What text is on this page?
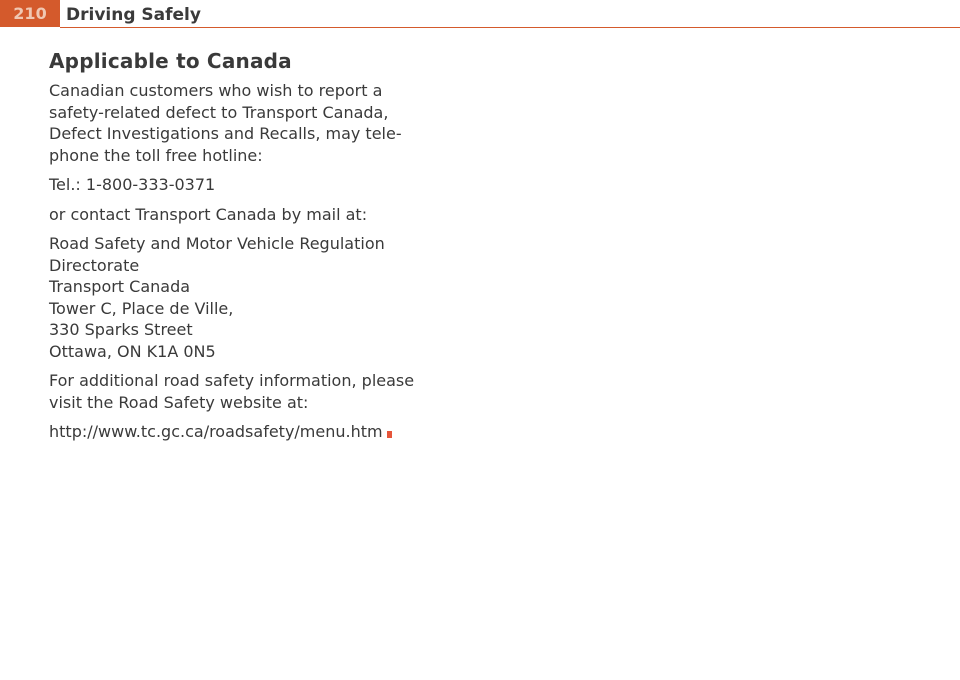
210 Driving Safely
Applicable to Canada

Canadian customers who wish to report a
safety-related defect to Transport Canada,
Defect Investigations and Recalls, may tele-
phone the toll free hotline:

Tel.: 1-800-333-0371

or contact Transport Canada by mail at:

Road Safety and Motor Vehicle Regulation
Directorate
Transport Canada
Tower C, Place de Ville,
330 Sparks Street
Ottawa, ON K1A 0N5

For additional road safety information, please
visit the Road Safety website at:

http://www.tc.gc.ca/roadsafety/menu.htm
